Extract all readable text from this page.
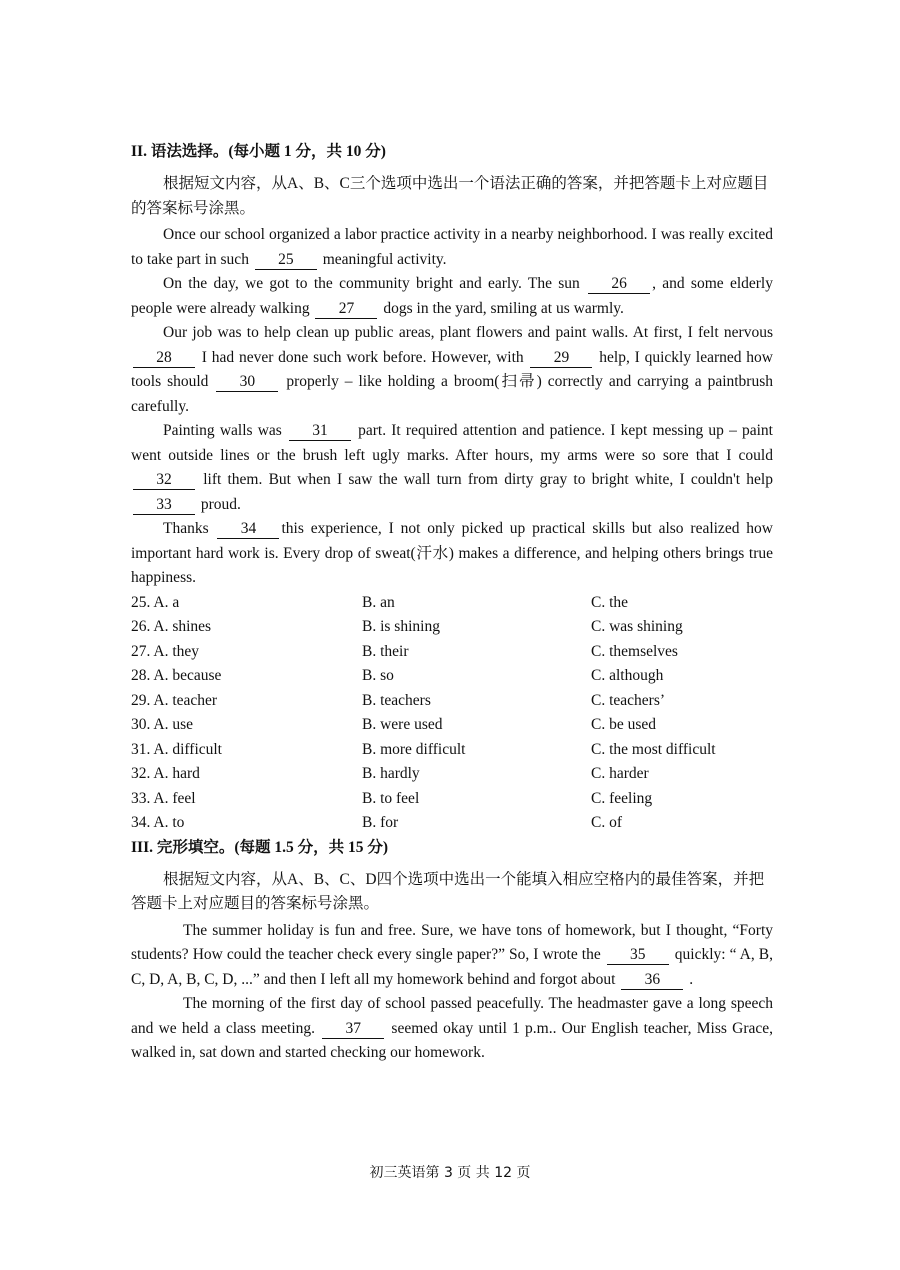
II. 语法选择。(每小题 1 分，共 10 分)

根据短文内容，从A、B、C三个选项中选出一个语法正确的答案，并把答题卡上对应题目的答案标号涂黑。

Once our school organized a labor practice activity in a nearby neighborhood. I was really excited to take part in such 25 meaningful activity.

On the day, we got to the community bright and early. The sun 26 , and some elderly people were already walking 27 dogs in the yard, smiling at us warmly.

Our job was to help clean up public areas, plant flowers and paint walls. At first, I felt nervous 28 I had never done such work before. However, with 29 help, I quickly learned how tools should 30 properly – like holding a broom(扫帚) correctly and carrying a paintbrush carefully.

Painting walls was 31 part. It required attention and patience. I kept messing up – paint went outside lines or the brush left ugly marks. After hours, my arms were so sore that I could 32 lift them. But when I saw the wall turn from dirty gray to bright white, I couldn't help 33 proud.

Thanks 34 this experience, I not only picked up practical skills but also realized how important hard work is. Every drop of sweat(汗水) makes a difference, and helping others brings true happiness.

25. A. a	B. an	C. the
26. A. shines	B. is shining	C. was shining
27. A. they	B. their	C. themselves
28. A. because	B. so	C. although
29. A. teacher	B. teachers	C. teachers’
30. A. use	B. were used	C. be used
31. A. difficult	B. more difficult	C. the most difficult
32. A. hard	B. hardly	C. harder
33. A. feel	B. to feel	C. feeling
34. A. to	B. for	C. of

III. 完形填空。(每题 1.5 分，共 15 分)

根据短文内容，从A、B、C、D四个选项中选出一个能填入相应空格内的最佳答案，并把答题卡上对应题目的答案标号涂黑。

The summer holiday is fun and free. Sure, we have tons of homework, but I thought, “Forty students? How could the teacher check every single paper?” So, I wrote the 35 quickly: “ A, B, C, D, A, B, C, D, ...” and then I left all my homework behind and forgot about 36 .

The morning of the first day of school passed peacefully. The headmaster gave a long speech and we held a class meeting. 37 seemed okay until 1 p.m.. Our English teacher, Miss Grace, walked in, sat down and started checking our homework.

初三英语第 3 页 共 12 页
